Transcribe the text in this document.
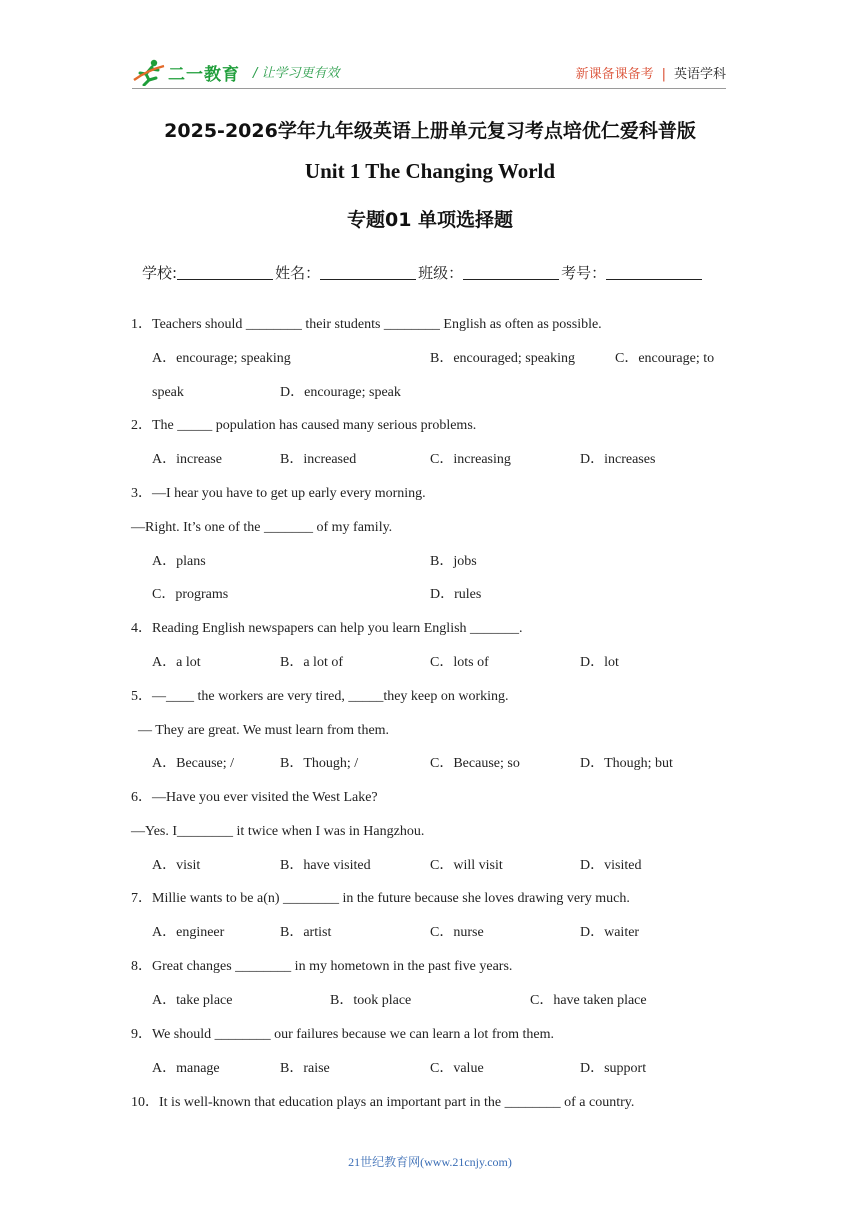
二一教育 / 让学习更有效	新课备课备考 | 英语学科
2025-2026学年九年级英语上册单元复习考点培优仁爱科普版
Unit 1 The Changing World
专题01 单项选择题
学校:	姓名：	班级：	考号：
1．Teachers should ________ their students ________ English as often as possible.
A．encourage; speaking	B．encouraged; speaking	C．encourage; to
speak	D．encourage; speak
2．The _____ population has caused many serious problems.
A．increase	B．increased	C．increasing	D．increases
3．—I hear you have to get up early every morning.
—Right. It’s one of the _______ of my family.
A．plans	B．jobs
C．programs	D．rules
4．Reading English newspapers can help you learn English _______.
A．a lot	B．a lot of	C．lots of	D．lot
5．—____ the workers are very tired, _____they keep on working.
— They are great. We must learn from them.
A．Because; /	B．Though; /	C．Because; so	D．Though; but
6．—Have you ever visited the West Lake?
—Yes. I________ it twice when I was in Hangzhou.
A．visit	B．have visited	C．will visit	D．visited
7．Millie wants to be a(n) ________ in the future because she loves drawing very much.
A．engineer	B．artist	C．nurse	D．waiter
8．Great changes ________ in my hometown in the past five years.
A．take place	B．took place	C．have taken place
9．We should ________ our failures because we can learn a lot from them.
A．manage	B．raise	C．value	D．support
10．It is well-known that education plays an important part in the ________ of a country.
21世纪教育网(www.21cnjy.com)
